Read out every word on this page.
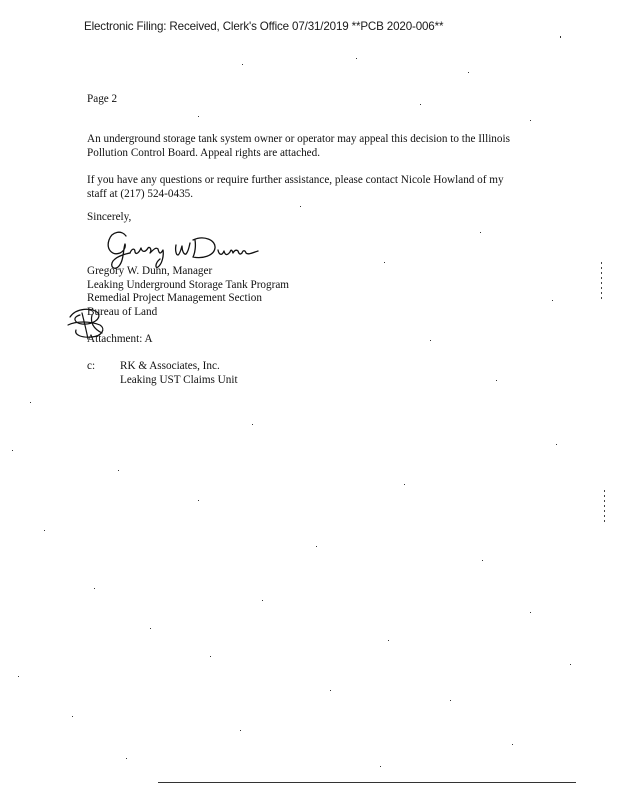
Electronic Filing: Received, Clerk's Office 07/31/2019 **PCB 2020-006**
Page 2
An underground storage tank system owner or operator may appeal this decision to the Illinois
Pollution Control Board. Appeal rights are attached.
If you have any questions or require further assistance, please contact Nicole Howland of my
staff at (217) 524-0435.
Sincerely,
Gregory W. Dunn, Manager
Leaking Underground Storage Tank Program
Remedial Project Management Section
Bureau of Land
Attachment: A
c: RK & Associates, Inc.
Leaking UST Claims Unit
